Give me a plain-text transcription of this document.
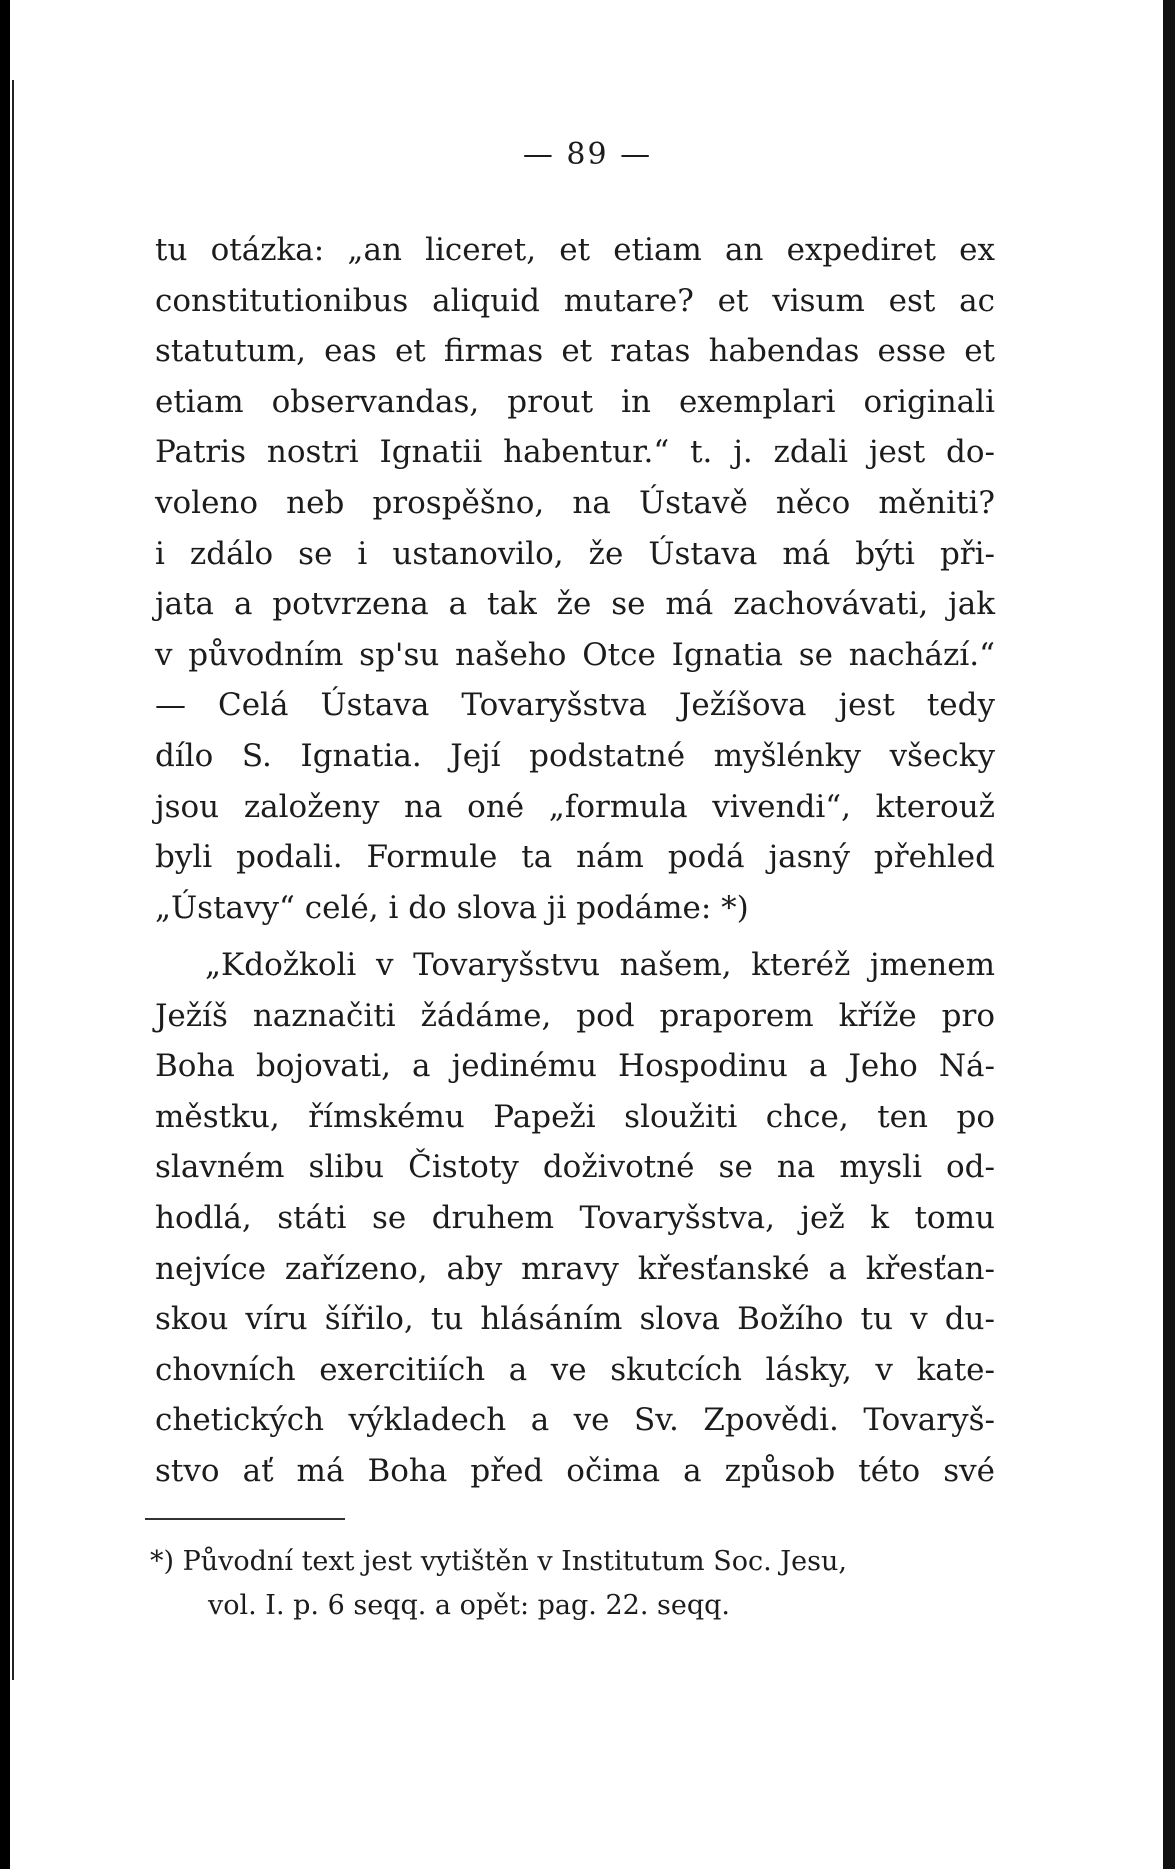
— 89 —
tu otázka: „an liceret, et etiam an expediret ex
constitutionibus aliquid mutare? et visum est ac
statutum, eas et firmas et ratas habendas esse et
etiam observandas, prout in exemplari originali
Patris nostri Ignatii habentur.“ t. j. zdali jest do-
voleno neb prospěšno, na Ústavě něco měniti?
i zdálo se i ustanovilo, že Ústava má býti při-
jata a potvrzena a tak že se má zachovávati, jak
v původním sp'su našeho Otce Ignatia se nachází.“
— Celá Ústava Tovaryšstva Ježíšova jest tedy
dílo S. Ignatia. Její podstatné myšlénky všecky
jsou založeny na oné „formula vivendi“, kterouž
byli podali. Formule ta nám podá jasný přehled
„Ústavy“ celé, i do slova ji podáme: *)
„Kdožkoli v Tovaryšstvu našem, kteréž jmenem
Ježíš naznačiti žádáme, pod praporem kříže pro
Boha bojovati, a jedinému Hospodinu a Jeho Ná-
městku, římskému Papeži sloužiti chce, ten po
slavném slibu Čistoty doživotné se na mysli od-
hodlá, státi se druhem Tovaryšstva, jež k tomu
nejvíce zařízeno, aby mravy křesťanské a křesťan-
skou víru šířilo, tu hlásáním slova Božího tu v du-
chovních exercitiích a ve skutcích lásky, v kate-
chetických výkladech a ve Sv. Zpovědi. Tovaryš-
stvo ať má Boha před očima a způsob této své
*) Původní text jest vytištěn v Institutum Soc. Jesu,
vol. I. p. 6 seqq. a opět: pag. 22. seqq.
